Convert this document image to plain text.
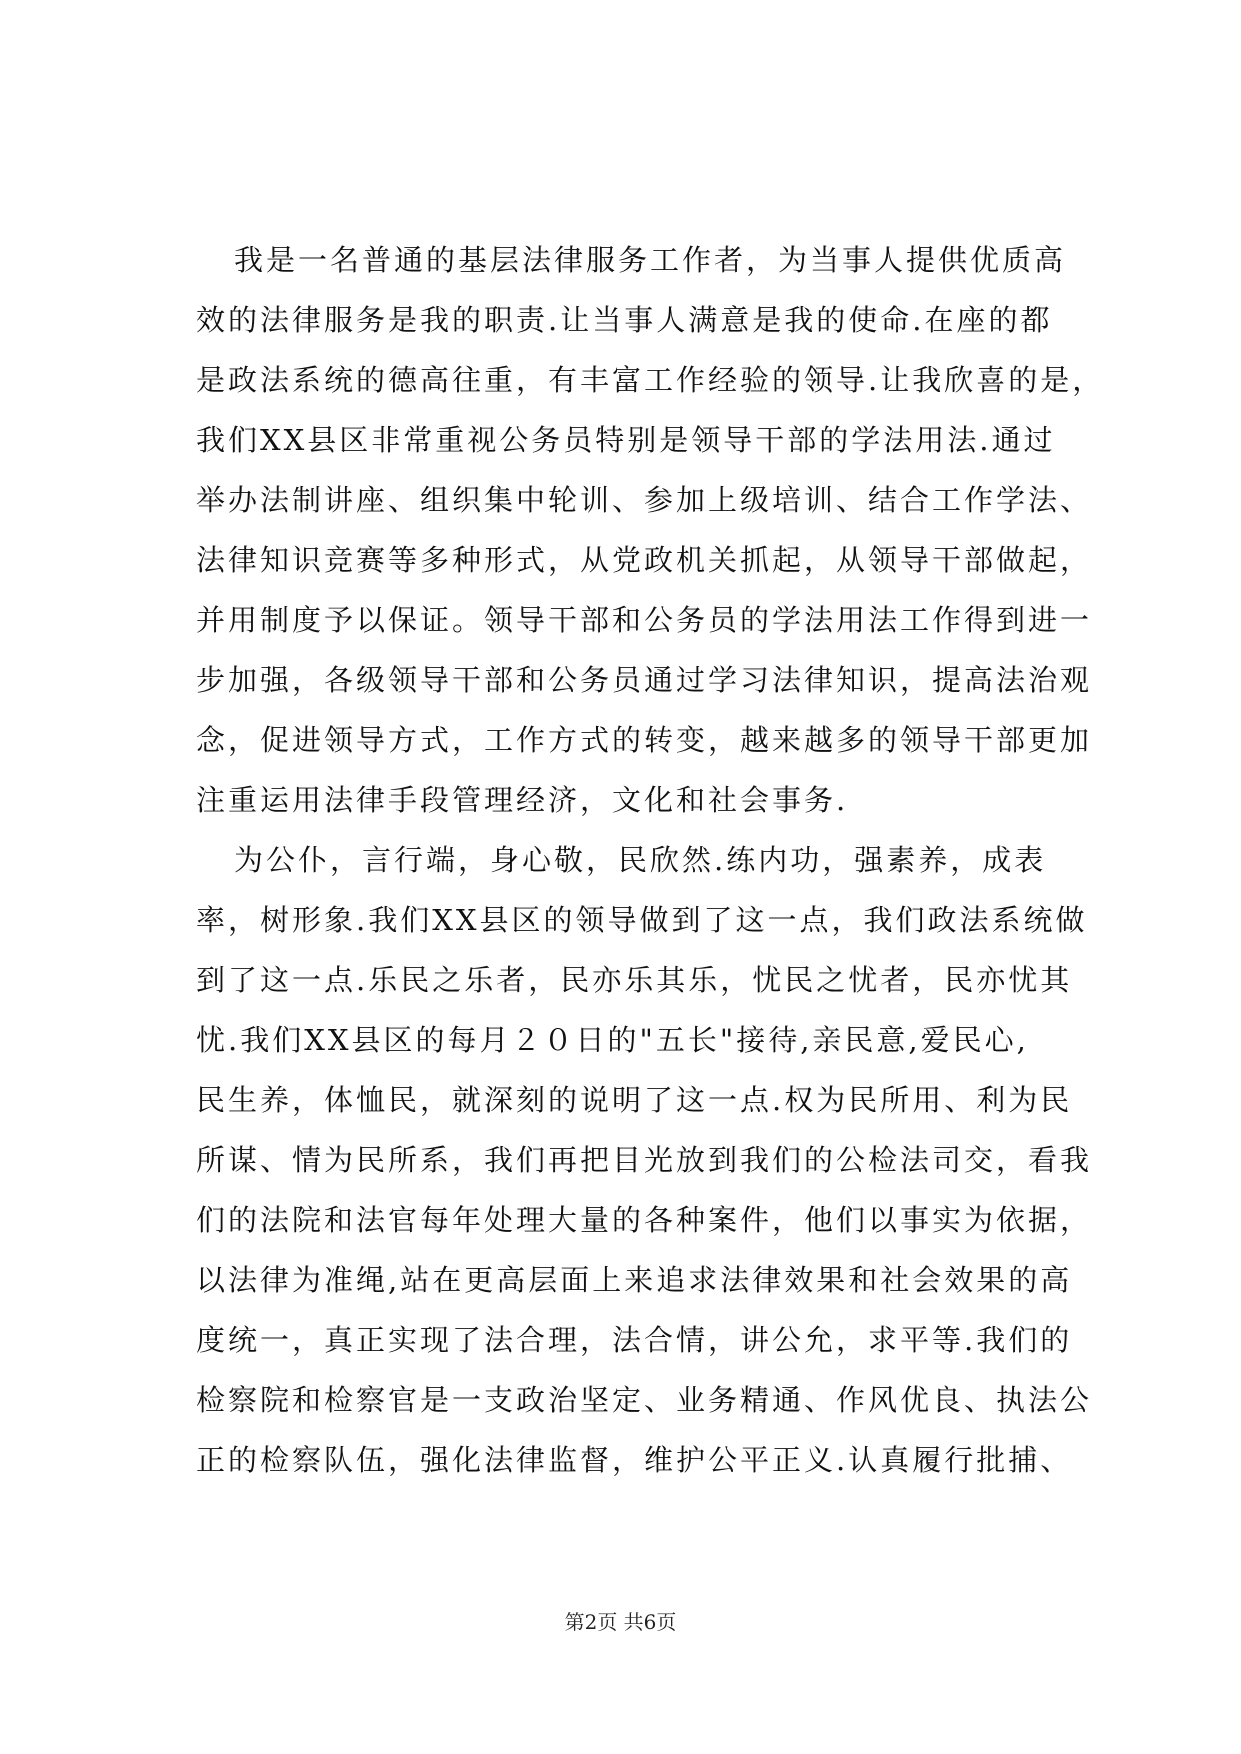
我是一名普通的基层法律服务工作者，为当事人提供优质高
效的法律服务是我的职责.让当事人满意是我的使命.在座的都
是政法系统的德高往重，有丰富工作经验的领导.让我欣喜的是，
我们XX县区非常重视公务员特别是领导干部的学法用法.通过
举办法制讲座、组织集中轮训、参加上级培训、结合工作学法、
法律知识竞赛等多种形式，从党政机关抓起，从领导干部做起，
并用制度予以保证。领导干部和公务员的学法用法工作得到进一
步加强，各级领导干部和公务员通过学习法律知识，提高法治观
念，促进领导方式，工作方式的转变，越来越多的领导干部更加
注重运用法律手段管理经济，文化和社会事务.

为公仆，言行端，身心敬，民欣然.练内功，强素养，成表
率，树形象.我们XX县区的领导做到了这一点，我们政法系统做
到了这一点.乐民之乐者，民亦乐其乐，忧民之忧者，民亦忧其
忧.我们XX县区的每月２０日的"五长"接待,亲民意,爱民心,
民生养，体恤民，就深刻的说明了这一点.权为民所用、利为民
所谋、情为民所系，我们再把目光放到我们的公检法司交，看我
们的法院和法官每年处理大量的各种案件，他们以事实为依据，
以法律为准绳,站在更高层面上来追求法律效果和社会效果的高
度统一，真正实现了法合理，法合情，讲公允，求平等.我们的
检察院和检察官是一支政治坚定、业务精通、作风优良、执法公
正的检察队伍，强化法律监督，维护公平正义.认真履行批捕、

第2页 共6页
